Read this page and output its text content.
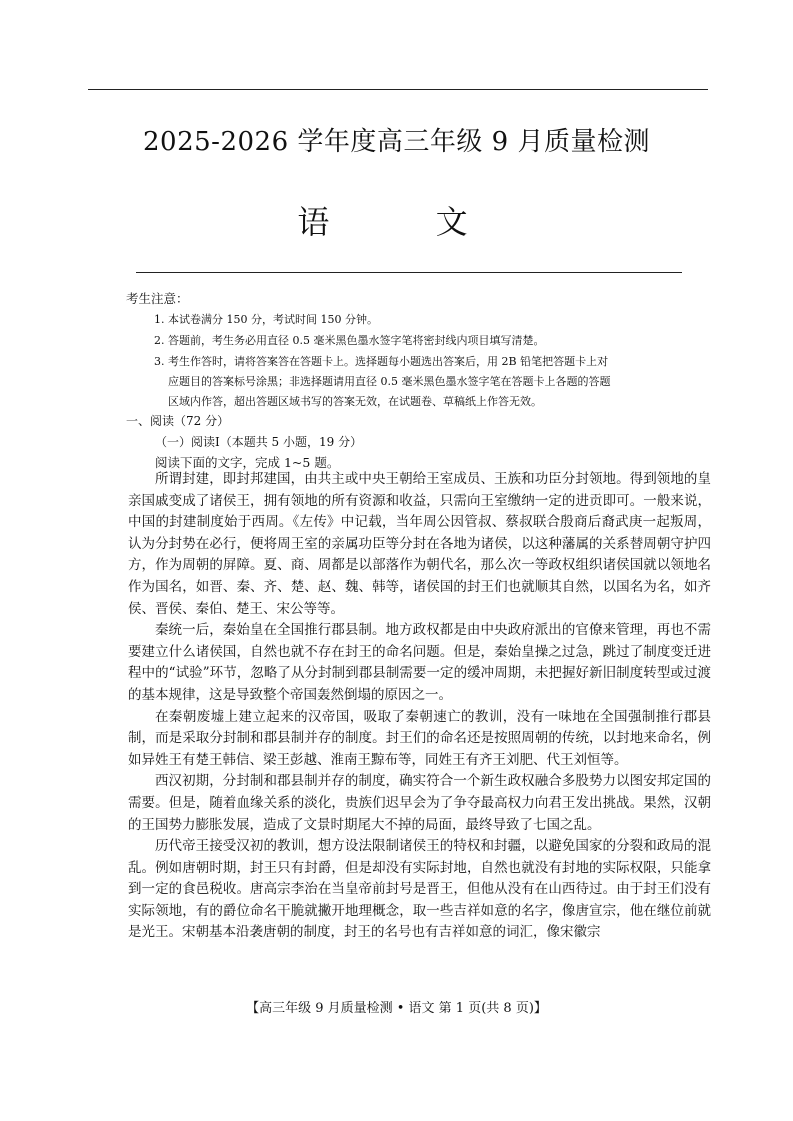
2025-2026 学年度高三年级 9 月质量检测
语 文
考生注意：
1. 本试卷满分 150 分，考试时间 150 分钟。
2. 答题前，考生务必用直径 0.5 毫米黑色墨水签字笔将密封线内项目填写清楚。
3. 考生作答时，请将答案答在答题卡上。选择题每小题选出答案后，用 2B 铅笔把答题卡上对
应题目的答案标号涂黑；非选择题请用直径 0.5 毫米黑色墨水签字笔在答题卡上各题的答题
区域内作答，超出答题区域书写的答案无效，在试题卷、草稿纸上作答无效。
一、阅读（72 分）
（一）阅读Ⅰ（本题共 5 小题，19 分）
阅读下面的文字，完成 1~5 题。

所谓封建，即封邦建国，由共主或中央王朝给王室成员、王族和功臣分封领地。得到领地的皇亲国戚变成了诸侯王，拥有领地的所有资源和收益，只需向王室缴纳一定的进贡即可。一般来说，中国的封建制度始于西周。《左传》中记载，当年周公因管叔、蔡叔联合殷商后裔武庚一起叛周，认为分封势在必行，便将周王室的亲属功臣等分封在各地为诸侯，以这种藩属的关系替周朝守护四方，作为周朝的屏障。夏、商、周都是以部落作为朝代名，那么次一等政权组织诸侯国就以领地名作为国名，如晋、秦、齐、楚、赵、魏、韩等，诸侯国的封王们也就顺其自然，以国名为名，如齐侯、晋侯、秦伯、楚王、宋公等等。

秦统一后，秦始皇在全国推行郡县制。地方政权都是由中央政府派出的官僚来管理，再也不需要建立什么诸侯国，自然也就不存在封王的命名问题。但是，秦始皇操之过急，跳过了制度变迁进程中的“试验”环节，忽略了从分封制到郡县制需要一定的缓冲周期，未把握好新旧制度转型或过渡的基本规律，这是导致整个帝国轰然倒塌的原因之一。

在秦朝废墟上建立起来的汉帝国，吸取了秦朝速亡的教训，没有一味地在全国强制推行郡县制，而是采取分封制和郡县制并存的制度。封王们的命名还是按照周朝的传统，以封地来命名，例如异姓王有楚王韩信、梁王彭越、淮南王黥布等，同姓王有齐王刘肥、代王刘恒等。

西汉初期，分封制和郡县制并存的制度，确实符合一个新生政权融合多股势力以图安邦定国的需要。但是，随着血缘关系的淡化，贵族们迟早会为了争夺最高权力向君王发出挑战。果然，汉朝的王国势力膨胀发展，造成了文景时期尾大不掉的局面，最终导致了七国之乱。

历代帝王接受汉初的教训，想方设法限制诸侯王的特权和封疆，以避免国家的分裂和政局的混乱。例如唐朝时期，封王只有封爵，但是却没有实际封地，自然也就没有封地的实际权限，只能拿到一定的食邑税收。唐高宗李治在当皇帝前封号是晋王，但他从没有在山西待过。由于封王们没有实际领地，有的爵位命名干脆就撇开地理概念，取一些吉祥如意的名字，像唐宣宗，他在继位前就是光王。宋朝基本沿袭唐朝的制度，封王的名号也有吉祥如意的词汇，像宋徽宗

【高三年级 9 月质量检测 • 语文 第 1 页(共 8 页)】
